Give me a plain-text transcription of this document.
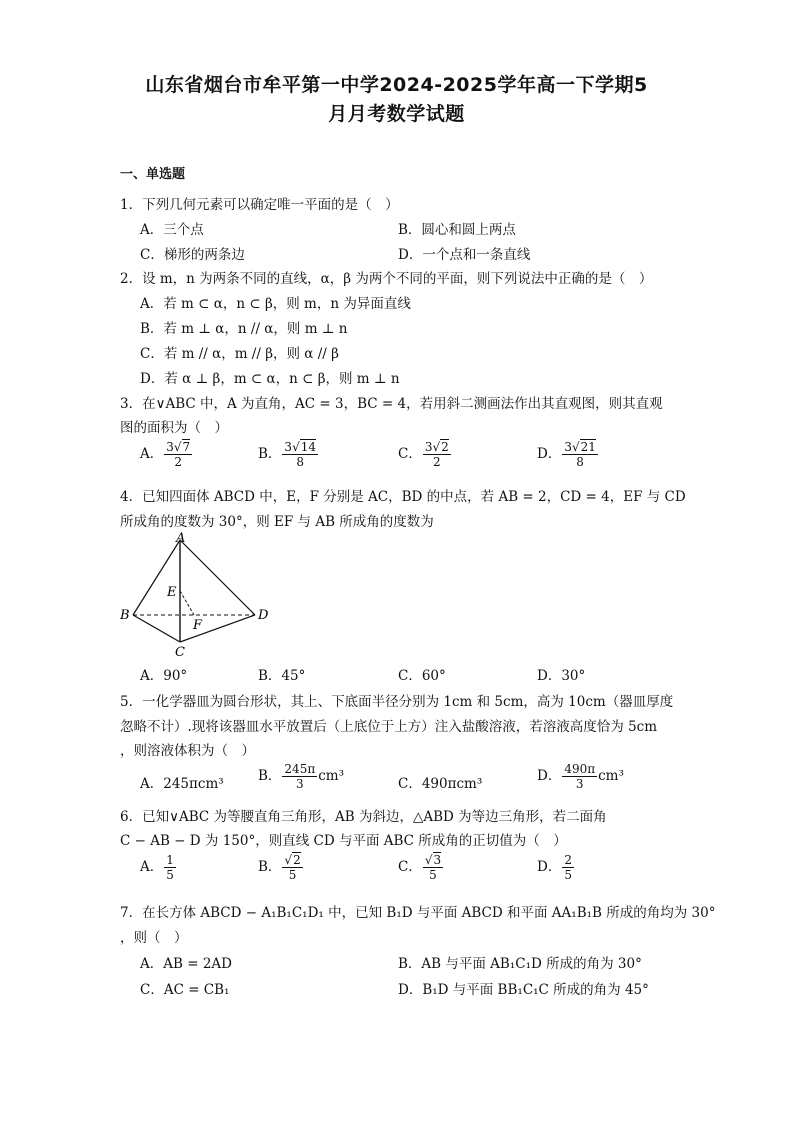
山东省烟台市牟平第一中学2024-2025学年高一下学期5
月月考数学试题
一、单选题
1．下列几何元素可以确定唯一平面的是（　）
A．三个点	B．圆心和圆上两点
C．梯形的两条边	D．一个点和一条直线
2．设 m，n 为两条不同的直线，α，β 为两个不同的平面，则下列说法中正确的是（　）
A．若 m ⊂ α，n ⊂ β，则 m，n 为异面直线
B．若 m ⊥ α，n // α，则 m ⊥ n
C．若 m // α，m // β，则 α // β
D．若 α ⊥ β，m ⊂ α，n ⊂ β，则 m ⊥ n
3．在∨ABC 中，A 为直角，AC = 3，BC = 4，若用斜二测画法作出其直观图，则其直观
图的面积为（　）
A． $\frac{3√7}{2}$	B． $\frac{3√14}{8}$	C． $\frac{3√2}{2}$	D． $\frac{3√21}{8}$
4．已知四面体 ABCD 中，E，F 分别是 AC，BD 的中点，若 AB = 2，CD = 4，EF 与 CD
所成角的度数为 30°，则 EF 与 AB 所成角的度数为
A
B
C
D
E
F
A．90°	B．45°	C．60°	D．30°
5．一化学器皿为圆台形状，其上、下底面半径分别为 1cm 和 5cm，高为 10cm（器皿厚度
忽略不计）.现将该器皿水平放置后（上底位于上方）注入盐酸溶液，若溶液高度恰为 5cm
，则溶液体积为（　）
A．245πcm³	B． $\frac{245\pi}{3} cm^3$	C．490πcm³	D． $\frac{490\pi}{3} cm^3$
6．已知∨ABC 为等腰直角三角形，AB 为斜边，△ABD 为等边三角形，若二面角
C − AB − D 为 150°，则直线 CD 与平面 ABC 所成角的正切值为（　）
A． $\frac{1}{5}$	B． $\frac{√2}{5}$	C． $\frac{√3}{5}$	D． $\frac{2}{5}$
7．在长方体 ABCD − A₁B₁C₁D₁ 中，已知 B₁D 与平面 ABCD 和平面 AA₁B₁B 所成的角均为 30°
，则（　）
A．AB = 2AD	B．AB 与平面 AB₁C₁D 所成的角为 30°
C．AC = CB₁	D．B₁D 与平面 BB₁C₁C 所成的角为 45°
